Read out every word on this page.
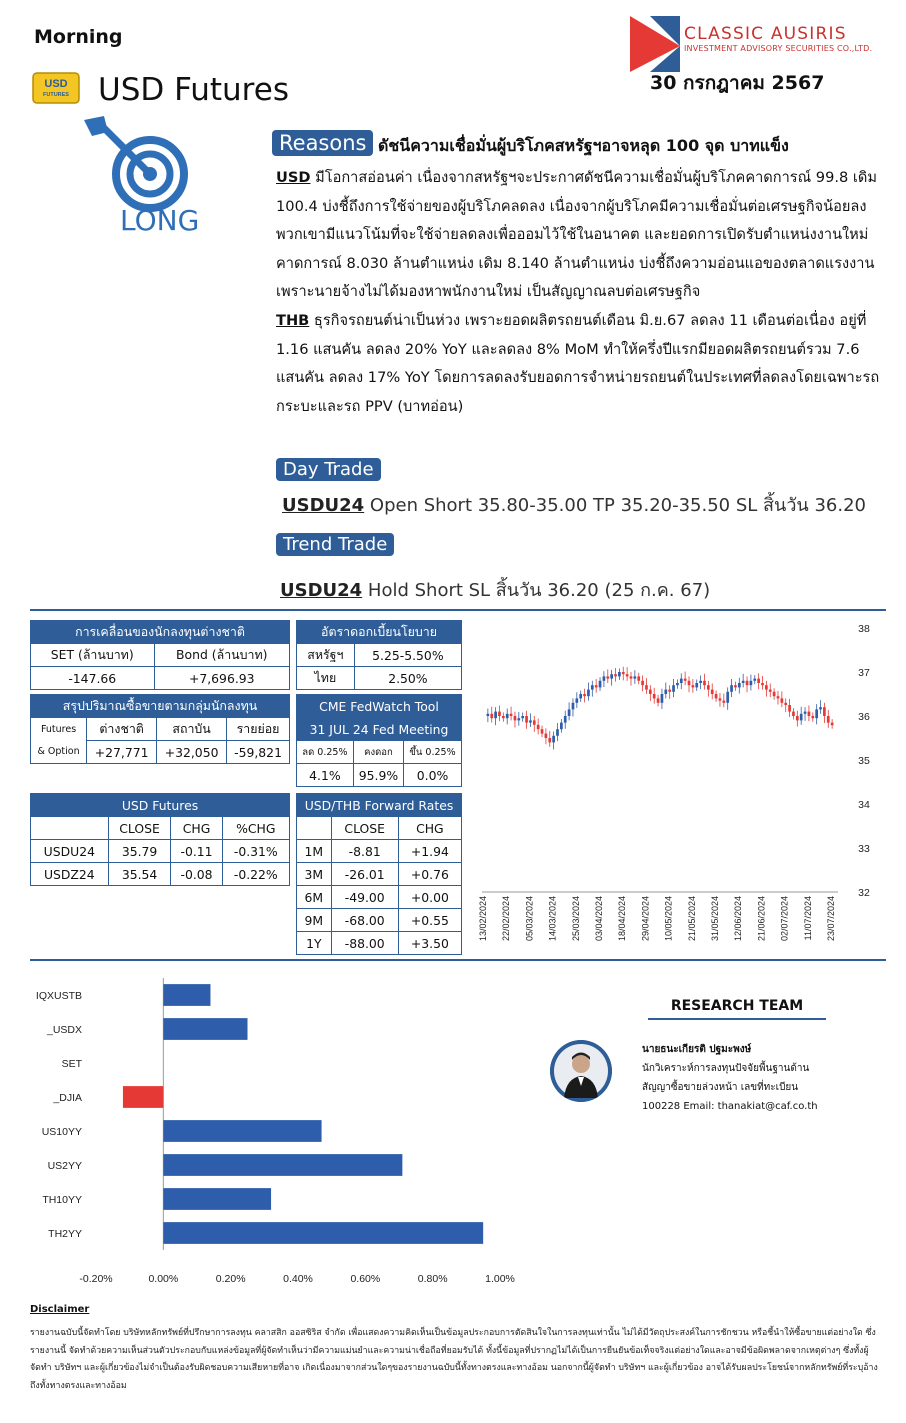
Morning	CLASSIC AUSIRIS
INVESTMENT ADVISORY SECURITIES CO.,LTD.
30 กรกฎาคม 2567
USD
FUTURES USD Futures
LONG
Reasons ดัชนีความเชื่อมั่นผู้บริโภคสหรัฐฯอาจหลุด 100 จุด บาทแข็ง
USD มีโอกาสอ่อนค่า เนื่องจากสหรัฐฯจะประกาศดัชนีความเชื่อมั่นผู้บริโภคคาดการณ์ 99.8 เดิม 100.4 บ่งชี้ถึงการใช้จ่ายของผู้บริโภคลดลง เนื่องจากผู้บริโภคมีความเชื่อมั่นต่อเศรษฐกิจน้อยลง พวกเขามีแนวโน้มที่จะใช้จ่ายลดลงเพื่อออมไว้ใช้ในอนาคต และยอดการเปิดรับตำแหน่งงานใหม่คาดการณ์ 8.030 ล้านตำแหน่ง เดิม 8.140 ล้านตำแหน่ง บ่งชี้ถึงความอ่อนแอของตลาดแรงงาน เพราะนายจ้างไม่ได้มองหาพนักงานใหม่ เป็นสัญญาณลบต่อเศรษฐกิจ
THB ธุรกิจรถยนต์น่าเป็นห่วง เพราะยอดผลิตรถยนต์เดือน มิ.ย.67 ลดลง 11 เดือนต่อเนื่อง อยู่ที่ 1.16 แสนคัน ลดลง 20% YoY และลดลง 8% MoM ทำให้ครึ่งปีแรกมียอดผลิตรถยนต์รวม 7.6 แสนคัน ลดลง 17% YoY โดยการลดลงรับยอดการจำหน่ายรถยนต์ในประเทศที่ลดลงโดยเฉพาะรถกระบะและรถ PPV (บาทอ่อน)
Day Trade
USDU24 Open Short 35.80-35.00 TP 35.20-35.50 SL สิ้นวัน 36.20
Trend Trade
USDU24 Hold Short SL สิ้นวัน 36.20 (25 ก.ค. 67)
การเคลื่อนของนักลงทุนต่างชาติ	
SET (ล้านบาท)	Bond (ล้านบาท)
-147.66	+7,696.93
อัตราดอกเบี้ยนโยบาย	
สหรัฐฯ	5.25-5.50%
ไทย	2.50%
สรุปปริมาณซื้อขายตามกลุ่มนักลงทุน			
Futures	ต่างชาติ	สถาบัน	รายย่อย
& Option	+27,771	+32,050	-59,821
CME FedWatch Tool		
31 JUL 24 Fed Meeting		
ลด 0.25%	คงดอก	ขึ้น 0.25%
4.1%	95.9%	0.0%
USD Futures			
	CLOSE	CHG	%CHG
USDU24	35.79	-0.11	-0.31%
USDZ24	35.54	-0.08	-0.22%
USD/THB Forward Rates		
	CLOSE	CHG
1M	-8.81	+1.94
3M	-26.01	+0.76
6M	-49.00	+0.00
9M	-68.00	+0.55
1Y	-88.00	+3.50
38
37
36
35
34
33
32
13/02/2024 22/02/2024 05/03/2024 14/03/2024 25/03/2024 03/04/2024 18/04/2024 29/04/2024 10/05/2024 21/05/2024 31/05/2024 12/06/2024 21/06/2024 02/07/2024 11/07/2024 23/07/2024
IQXUSTB
_USDX
SET
_DJIA
US10YY
US2YY
TH10YY
TH2YY
-0.20%	0.00%	0.20%	0.40%	0.60%	0.80%	1.00%
RESEARCH TEAM
นายธนะเกียรติ ปฐมะพงษ์
นักวิเคราะห์การลงทุนปัจจัยพื้นฐานด้าน
สัญญาซื้อขายล่วงหน้า เลขที่ทะเบียน
100228 Email: thanakiat@caf.co.th
Disclaimer
รายงานฉบับนี้จัดทำโดย บริษัทหลักทรัพย์ที่ปรึกษาการลงทุน คลาสสิก ออสซิริส จำกัด เพื่อแสดงความคิดเห็นเป็นข้อมูลประกอบการตัดสินใจในการลงทุนเท่านั้น ไม่ได้มีวัตถุประสงค์ในการชักชวน หรือชี้นำให้ซื้อขายแต่อย่างใด ซึ่งรายงานนี้ จัดทำด้วยความเห็นส่วนตัวประกอบกับแหล่งข้อมูลที่ผู้จัดทำเห็นว่ามีความแม่นยำและความน่าเชื่อถือที่ยอมรับได้ ทั้งนี้ข้อมูลที่ปรากฏไม่ได้เป็นการยืนยันข้อเท็จจริงแต่อย่างใดและอาจมีข้อผิดพลาดจากเหตุต่างๆ ซึ่งทั้งผู้จัดทำ บริษัทฯ และผู้เกี่ยวข้องไม่จำเป็นต้องรับผิดชอบความเสียหายที่อาจ เกิดเนื่องมาจากส่วนใดๆของรายงานฉบับนี้ทั้งทางตรงและทางอ้อม นอกจากนี้ผู้จัดทำ บริษัทฯ และผู้เกี่ยวข้อง อาจได้รับผลประโยชน์จากหลักทรัพย์ที่ระบุอ้างถึงทั้งทางตรงและทางอ้อม
